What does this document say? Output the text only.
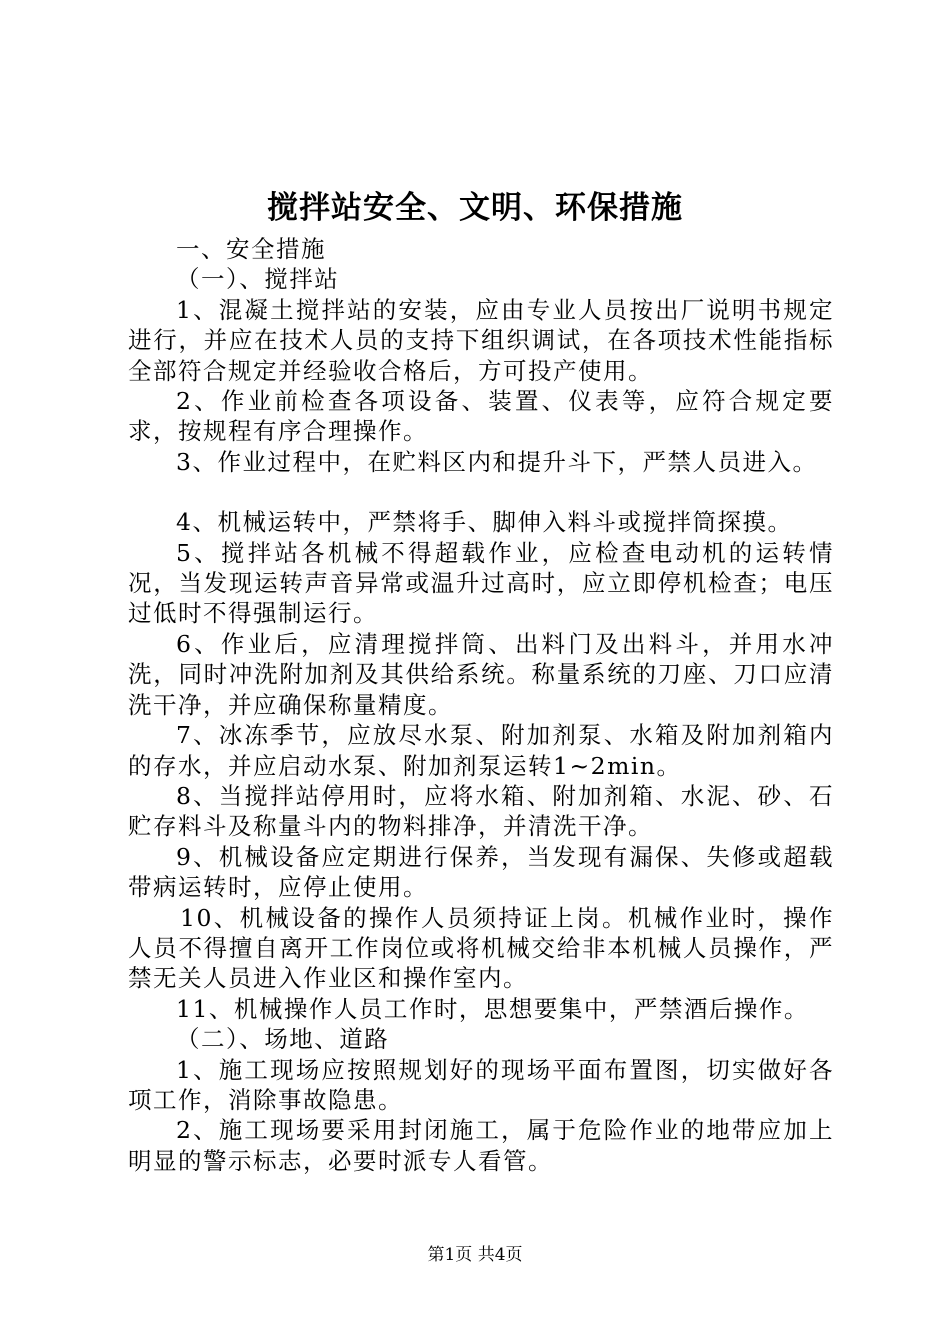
搅拌站安全、文明、环保措施

一、安全措施

（一）、搅拌站

1、混凝土搅拌站的安装，应由专业人员按出厂说明书规定进行，并应在技术人员的支持下组织调试，在各项技术性能指标全部符合规定并经验收合格后，方可投产使用。

2、作业前检查各项设备、装置、仪表等，应符合规定要求，按规程有序合理操作。

3、作业过程中，在贮料区内和提升斗下，严禁人员进入。

4、机械运转中，严禁将手、脚伸入料斗或搅拌筒探摸。

5、搅拌站各机械不得超载作业，应检查电动机的运转情况，当发现运转声音异常或温升过高时，应立即停机检查；电压过低时不得强制运行。

6、作业后，应清理搅拌筒、出料门及出料斗，并用水冲洗，同时冲洗附加剂及其供给系统。称量系统的刀座、刀口应清洗干净，并应确保称量精度。

7、冰冻季节，应放尽水泵、附加剂泵、水箱及附加剂箱内的存水，并应启动水泵、附加剂泵运转1~2min。

8、当搅拌站停用时，应将水箱、附加剂箱、水泥、砂、石贮存料斗及称量斗内的物料排净，并清洗干净。

9、机械设备应定期进行保养，当发现有漏保、失修或超载带病运转时，应停止使用。

10、机械设备的操作人员须持证上岗。机械作业时，操作人员不得擅自离开工作岗位或将机械交给非本机械人员操作，严禁无关人员进入作业区和操作室内。

11、机械操作人员工作时，思想要集中，严禁酒后操作。

（二）、场地、道路

1、施工现场应按照规划好的现场平面布置图，切实做好各项工作，消除事故隐患。

2、施工现场要采用封闭施工，属于危险作业的地带应加上明显的警示标志，必要时派专人看管。

第1页 共4页
